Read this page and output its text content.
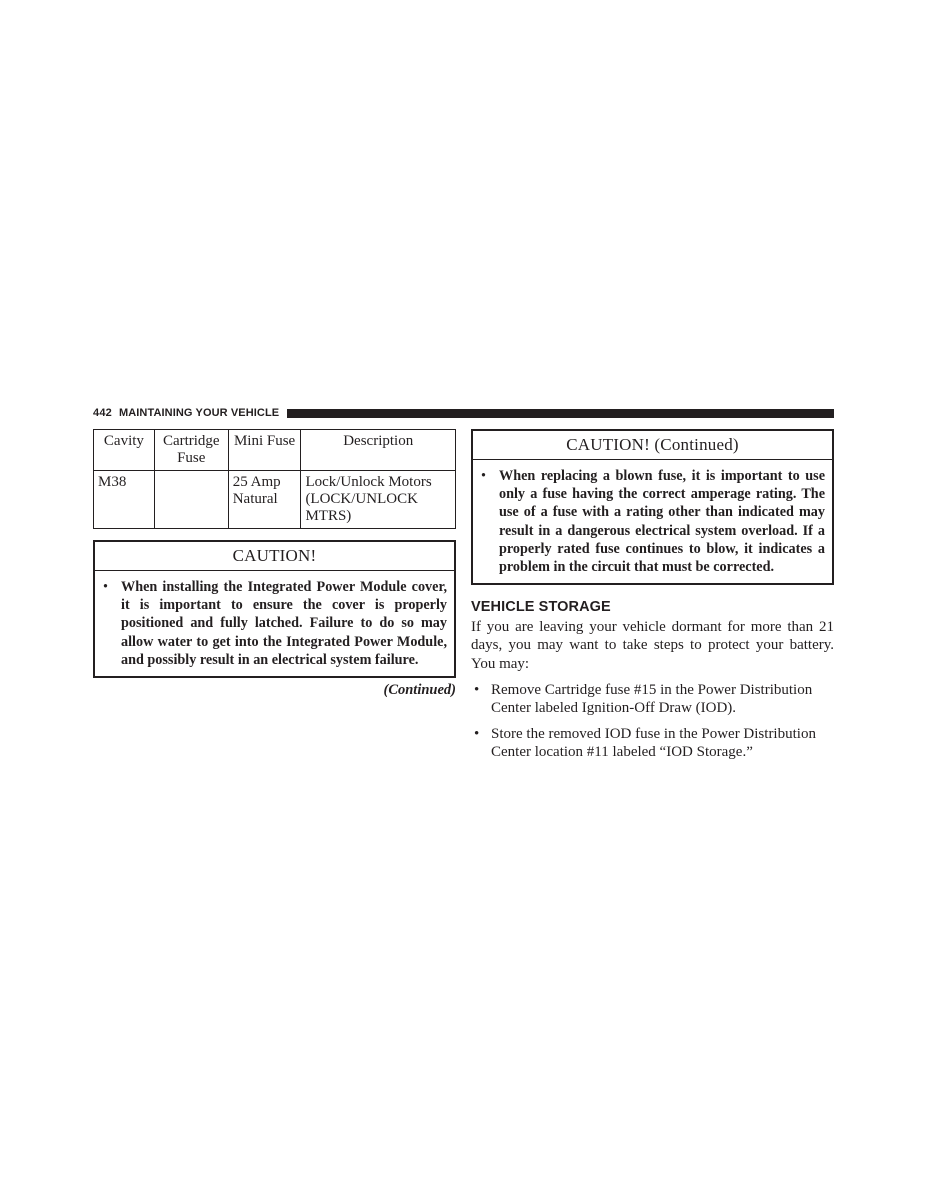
442 MAINTAINING YOUR VEHICLE
Cavity	Cartridge Fuse	Mini Fuse	Description
M38		25 Amp Natural	Lock/Unlock Motors (LOCK/UNLOCK MTRS)
CAUTION!
• When installing the Integrated Power Module cover, it is important to ensure the cover is properly positioned and fully latched. Failure to do so may allow water to get into the Integrated Power Module, and possibly result in an electrical system failure.
(Continued)
CAUTION! (Continued)
• When replacing a blown fuse, it is important to use only a fuse having the correct amperage rating. The use of a fuse with a rating other than indicated may result in a dangerous electrical system overload. If a properly rated fuse continues to blow, it indicates a problem in the circuit that must be corrected.
VEHICLE STORAGE
If you are leaving your vehicle dormant for more than 21 days, you may want to take steps to protect your battery. You may:
• Remove Cartridge fuse #15 in the Power Distribution Center labeled Ignition-Off Draw (IOD).
• Store the removed IOD fuse in the Power Distribution Center location #11 labeled “IOD Storage.”
